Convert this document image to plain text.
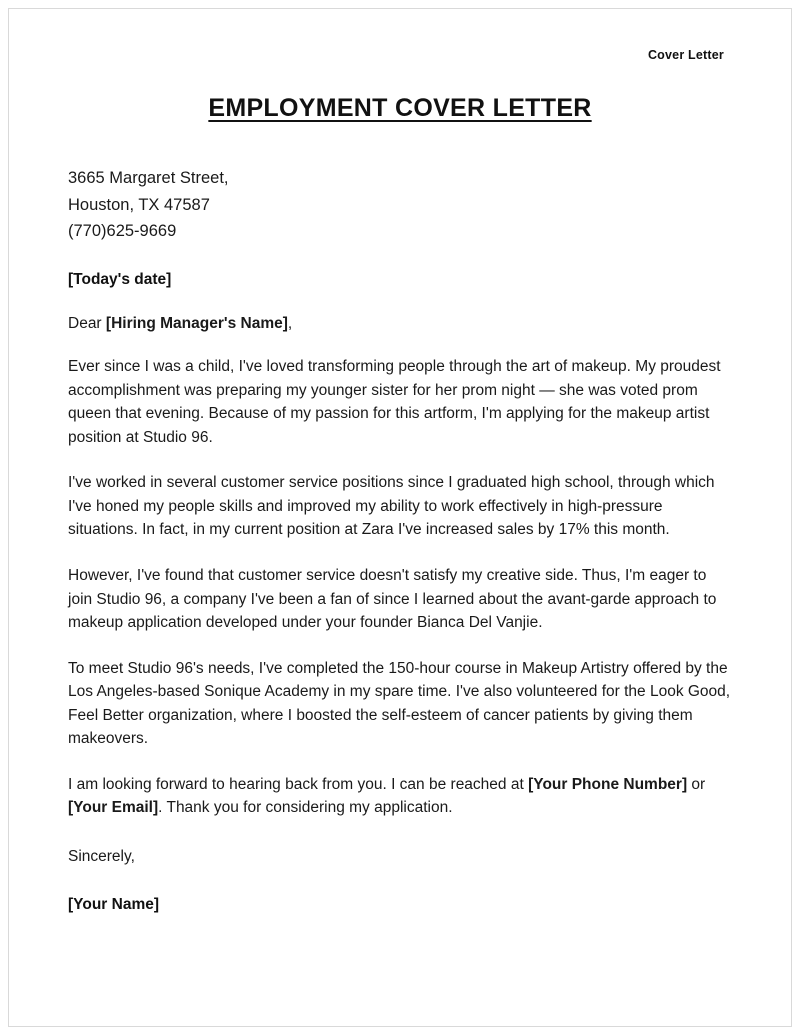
Cover Letter
EMPLOYMENT COVER LETTER
3665 Margaret Street,
Houston, TX 47587
(770)625-9669
[Today's date]
Dear [Hiring Manager's Name],

Ever since I was a child, I've loved transforming people through the art of makeup. My proudest accomplishment was preparing my younger sister for her prom night — she was voted prom queen that evening. Because of my passion for this artform, I'm applying for the makeup artist position at Studio 96.

I've worked in several customer service positions since I graduated high school, through which I've honed my people skills and improved my ability to work effectively in high-pressure situations. In fact, in my current position at Zara I've increased sales by 17% this month.

However, I've found that customer service doesn't satisfy my creative side. Thus, I'm eager to join Studio 96, a company I've been a fan of since I learned about the avant-garde approach to makeup application developed under your founder Bianca Del Vanjie.

To meet Studio 96's needs, I've completed the 150-hour course in Makeup Artistry offered by the Los Angeles-based Sonique Academy in my spare time. I've also volunteered for the Look Good, Feel Better organization, where I boosted the self-esteem of cancer patients by giving them makeovers.

I am looking forward to hearing back from you. I can be reached at [Your Phone Number] or [Your Email]. Thank you for considering my application.

Sincerely,
[Your Name]
